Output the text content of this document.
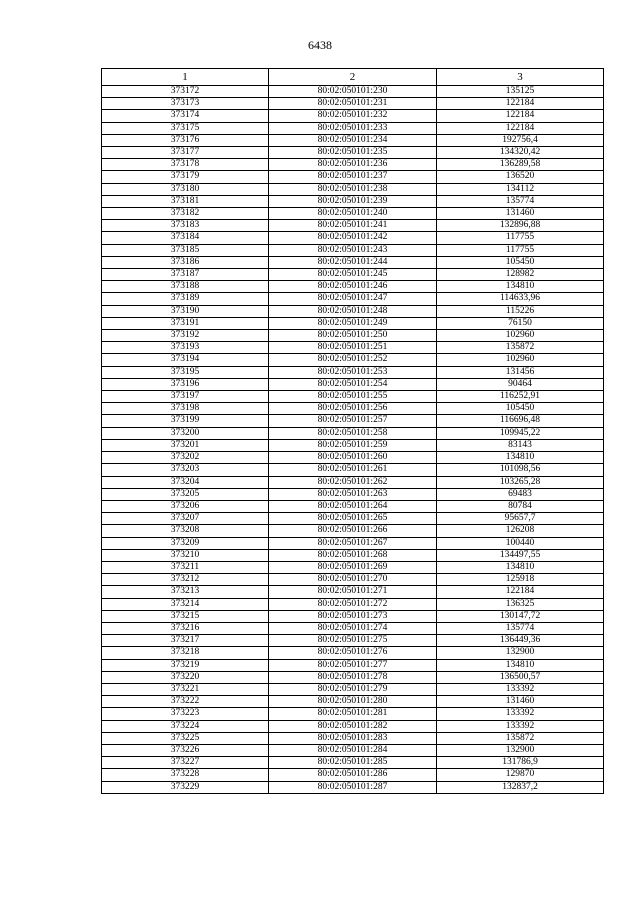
6438
1	2	3
373172	80:02:050101:230	135125
373173	80:02:050101:231	122184
373174	80:02:050101:232	122184
373175	80:02:050101:233	122184
373176	80:02:050101:234	192756,4
373177	80:02:050101:235	134320,42
373178	80:02:050101:236	136289,58
373179	80:02:050101:237	136520
373180	80:02:050101:238	134112
373181	80:02:050101:239	135774
373182	80:02:050101:240	131460
373183	80:02:050101:241	132896,88
373184	80:02:050101:242	117755
373185	80:02:050101:243	117755
373186	80:02:050101:244	105450
373187	80:02:050101:245	128982
373188	80:02:050101:246	134810
373189	80:02:050101:247	114633,96
373190	80:02:050101:248	115226
373191	80:02:050101:249	76150
373192	80:02:050101:250	102960
373193	80:02:050101:251	135872
373194	80:02:050101:252	102960
373195	80:02:050101:253	131456
373196	80:02:050101:254	90464
373197	80:02:050101:255	116252,91
373198	80:02:050101:256	105450
373199	80:02:050101:257	116696,48
373200	80:02:050101:258	109945,22
373201	80:02:050101:259	83143
373202	80:02:050101:260	134810
373203	80:02:050101:261	101098,56
373204	80:02:050101:262	103265,28
373205	80:02:050101:263	69483
373206	80:02:050101:264	80784
373207	80:02:050101:265	95657,7
373208	80:02:050101:266	126208
373209	80:02:050101:267	100440
373210	80:02:050101:268	134497,55
373211	80:02:050101:269	134810
373212	80:02:050101:270	125918
373213	80:02:050101:271	122184
373214	80:02:050101:272	136325
373215	80:02:050101:273	130147,72
373216	80:02:050101:274	135774
373217	80:02:050101:275	136449,36
373218	80:02:050101:276	132900
373219	80:02:050101:277	134810
373220	80:02:050101:278	136500,57
373221	80:02:050101:279	133392
373222	80:02:050101:280	131460
373223	80:02:050101:281	133392
373224	80:02:050101:282	133392
373225	80:02:050101:283	135872
373226	80:02:050101:284	132900
373227	80:02:050101:285	131786,9
373228	80:02:050101:286	129870
373229	80:02:050101:287	132837,2
